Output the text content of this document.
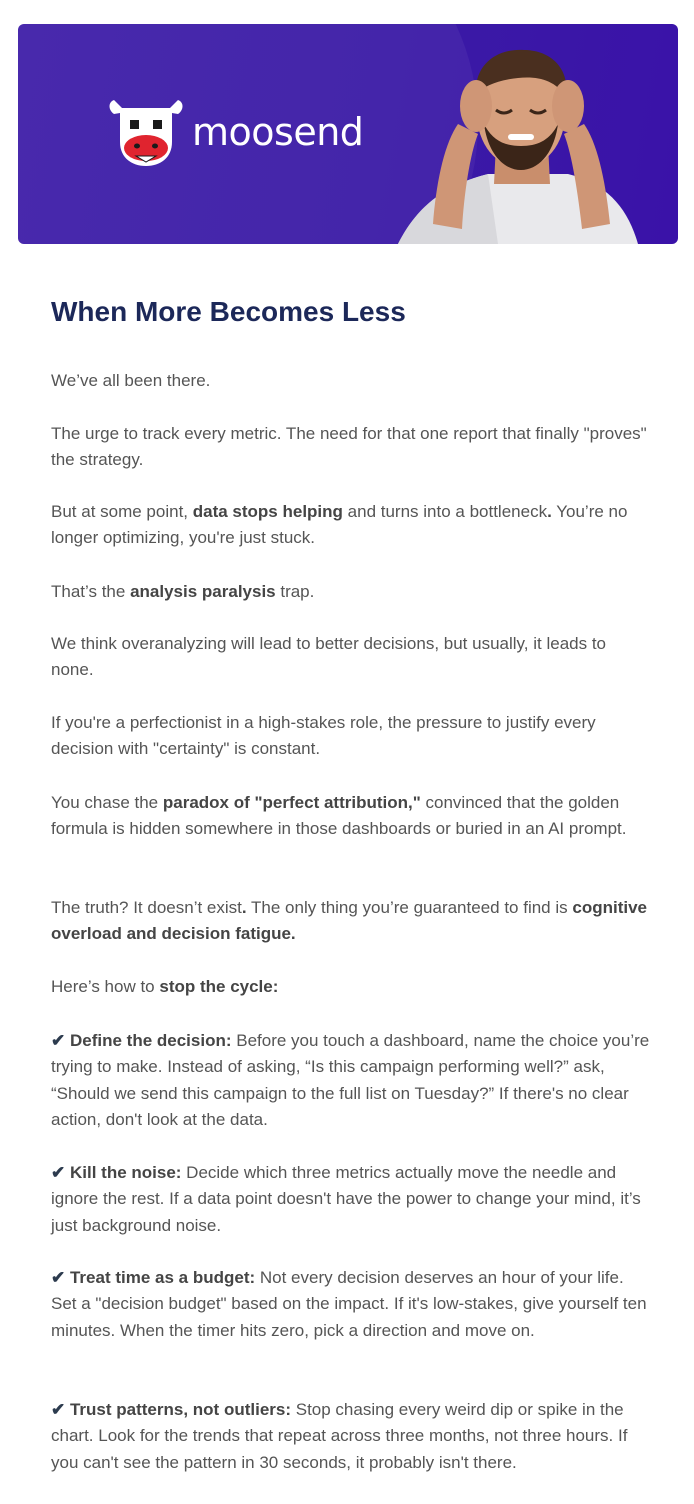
moosend
When More Becomes Less

We’ve all been there.

The urge to track every metric. The need for that one report that finally "proves" the strategy.

But at some point, data stops helping and turns into a bottleneck. You’re no longer optimizing, you're just stuck.

That’s the analysis paralysis trap.

We think overanalyzing will lead to better decisions, but usually, it leads to none.

If you're a perfectionist in a high-stakes role, the pressure to justify every decision with "certainty" is constant.

You chase the paradox of "perfect attribution," convinced that the golden formula is hidden somewhere in those dashboards or buried in an AI prompt.

The truth? It doesn’t exist. The only thing you’re guaranteed to find is cognitive overload and decision fatigue.

Here’s how to stop the cycle:

✔ Define the decision: Before you touch a dashboard, name the choice you’re trying to make. Instead of asking, “Is this campaign performing well?” ask, “Should we send this campaign to the full list on Tuesday?” If there's no clear action, don't look at the data.

✔ Kill the noise: Decide which three metrics actually move the needle and ignore the rest. If a data point doesn't have the power to change your mind, it’s just background noise.

✔ Treat time as a budget: Not every decision deserves an hour of your life. Set a "decision budget" based on the impact. If it's low-stakes, give yourself ten minutes. When the timer hits zero, pick a direction and move on.

✔ Trust patterns, not outliers: Stop chasing every weird dip or spike in the chart. Look for the trends that repeat across three months, not three hours. If you can't see the pattern in 30 seconds, it probably isn't there.
